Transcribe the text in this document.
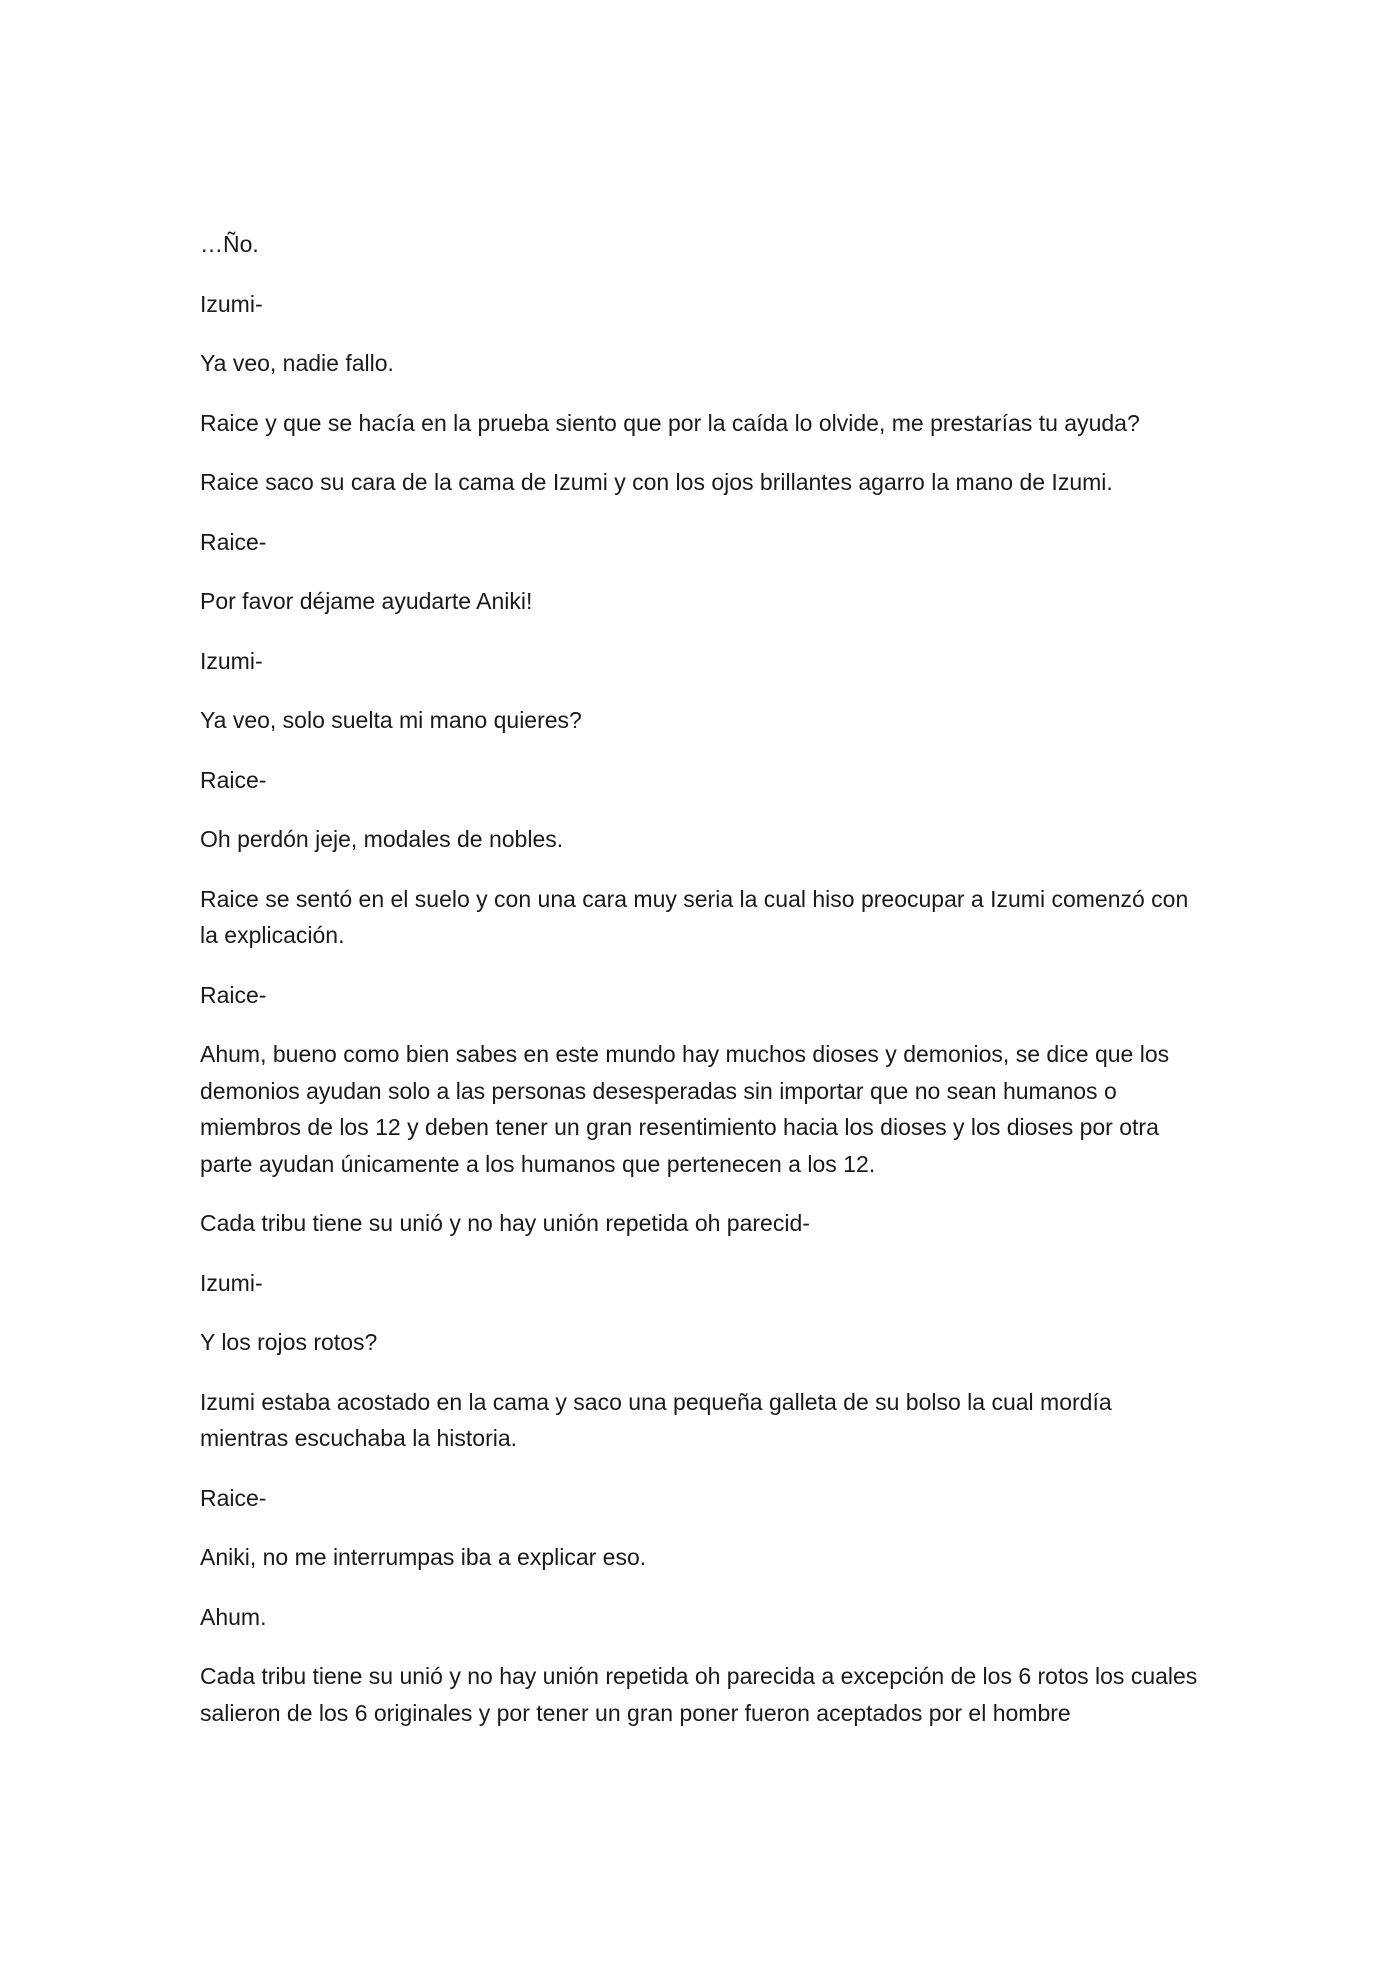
…Ño.

Izumi-

Ya veo, nadie fallo.

Raice y que se hacía en la prueba siento que por la caída lo olvide, me prestarías tu ayuda?

Raice saco su cara de la cama de Izumi y con los ojos brillantes agarro la mano de Izumi.

Raice-

Por favor déjame ayudarte Aniki!

Izumi-

Ya veo, solo suelta mi mano quieres?

Raice-

Oh perdón jeje, modales de nobles.

Raice se sentó en el suelo y con una cara muy seria la cual hiso preocupar a Izumi comenzó con la explicación.

Raice-

Ahum, bueno como bien sabes en este mundo hay muchos dioses y demonios, se dice que los demonios ayudan solo a las personas desesperadas sin importar que no sean humanos o miembros de los 12 y deben tener un gran resentimiento hacia los dioses y los dioses por otra parte ayudan únicamente a los humanos que pertenecen a los 12.

Cada tribu tiene su unió y no hay unión repetida oh parecid-

Izumi-

Y los rojos rotos?

Izumi estaba acostado en la cama y saco una pequeña galleta de su bolso la cual mordía mientras escuchaba la historia.

Raice-

Aniki, no me interrumpas iba a explicar eso.

Ahum.

Cada tribu tiene su unió y no hay unión repetida oh parecida a excepción de los 6 rotos los cuales salieron de los 6 originales y por tener un gran poner fueron aceptados por el hombre
